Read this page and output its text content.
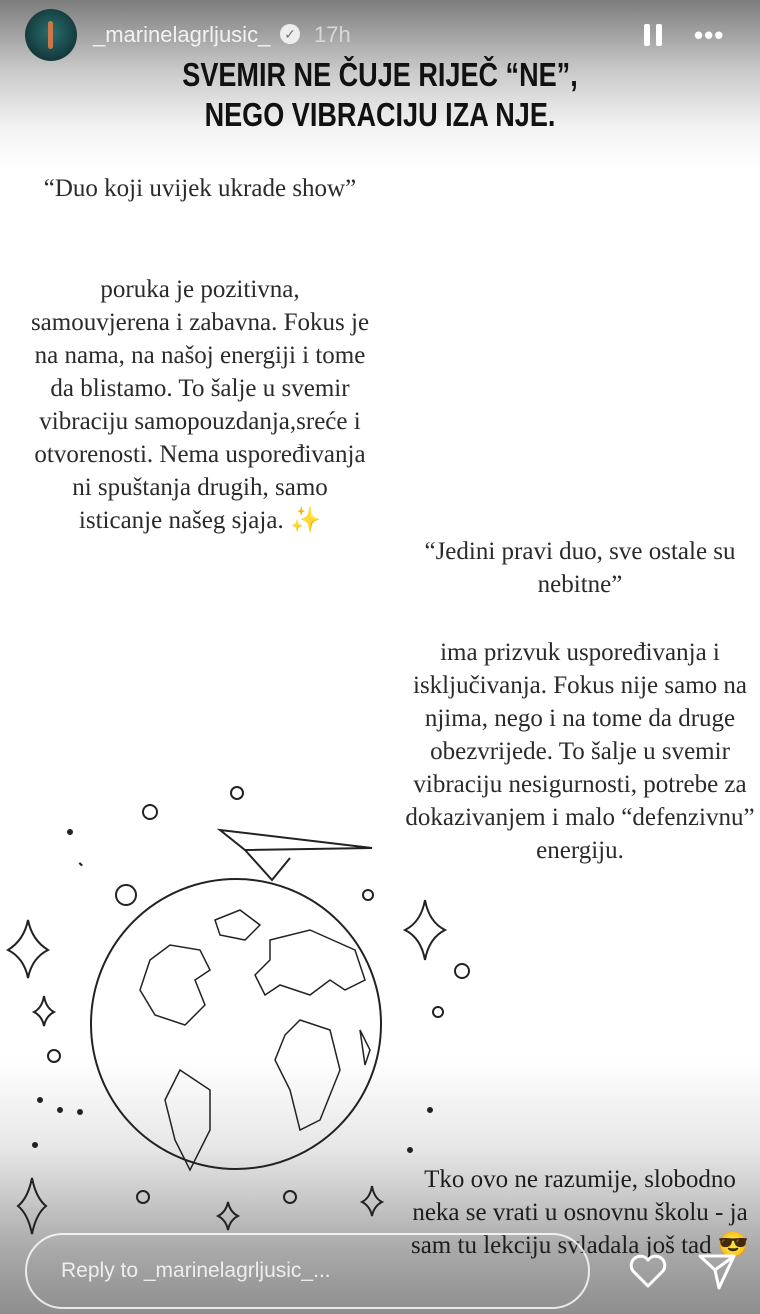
_marinelagrljusic_ ✓ 17h	•••
SVEMIR NE ČUJE RIJEČ “NE”,
NEGO VIBRACIJU IZA NJE.
“Duo koji uvijek ukrade show”
poruka je pozitivna, samouvjerena i zabavna. Fokus je na nama, na našoj energiji i tome da blistamo. To šalje u svemir vibraciju samopouzdanja,sreće i otvorenosti. Nema uspoređivanja ni spuštanja drugih, samo isticanje našeg sjaja. ✨
“Jedini pravi duo, sve ostale su nebitne”
ima prizvuk uspoređivanja i isključivanja. Fokus nije samo na njima, nego i na tome da druge obezvrijede. To šalje u svemir vibraciju nesigurnosti, potrebe za dokazivanjem i malo “defenzivnu” energiju.
Tko ovo ne razumije, slobodno neka se vrati u osnovnu školu - ja sam tu lekciju svladala još tad 😎
Reply to _marinelagrljusic_...
